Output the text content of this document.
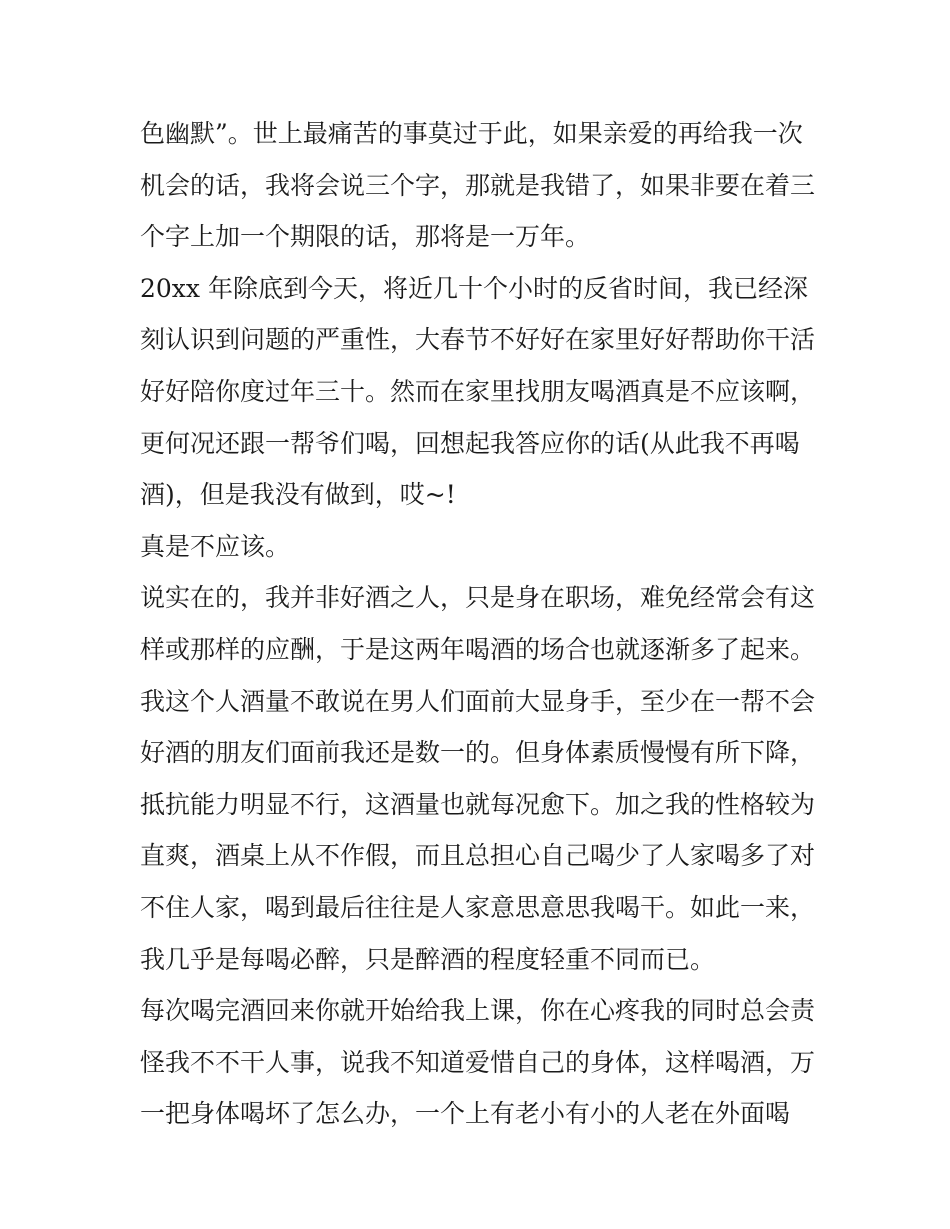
色幽默”。世上最痛苦的事莫过于此，如果亲爱的再给我一次
机会的话，我将会说三个字，那就是我错了，如果非要在着三
个字上加一个期限的话，那将是一万年。
20xx 年除底到今天，将近几十个小时的反省时间，我已经深
刻认识到问题的严重性，大春节不好好在家里好好帮助你干活
好好陪你度过年三十。然而在家里找朋友喝酒真是不应该啊，
更何况还跟一帮爷们喝，回想起我答应你的话(从此我不再喝
酒)，但是我没有做到，哎~!
真是不应该。
说实在的，我并非好酒之人，只是身在职场，难免经常会有这
样或那样的应酬，于是这两年喝酒的场合也就逐渐多了起来。
我这个人酒量不敢说在男人们面前大显身手，至少在一帮不会
好酒的朋友们面前我还是数一的。但身体素质慢慢有所下降，
抵抗能力明显不行，这酒量也就每况愈下。加之我的性格较为
直爽，酒桌上从不作假，而且总担心自己喝少了人家喝多了对
不住人家，喝到最后往往是人家意思意思我喝干。如此一来，
我几乎是每喝必醉，只是醉酒的程度轻重不同而已。
每次喝完酒回来你就开始给我上课，你在心疼我的同时总会责
怪我不不干人事，说我不知道爱惜自己的身体，这样喝酒，万
一把身体喝坏了怎么办，一个上有老小有小的人老在外面喝
